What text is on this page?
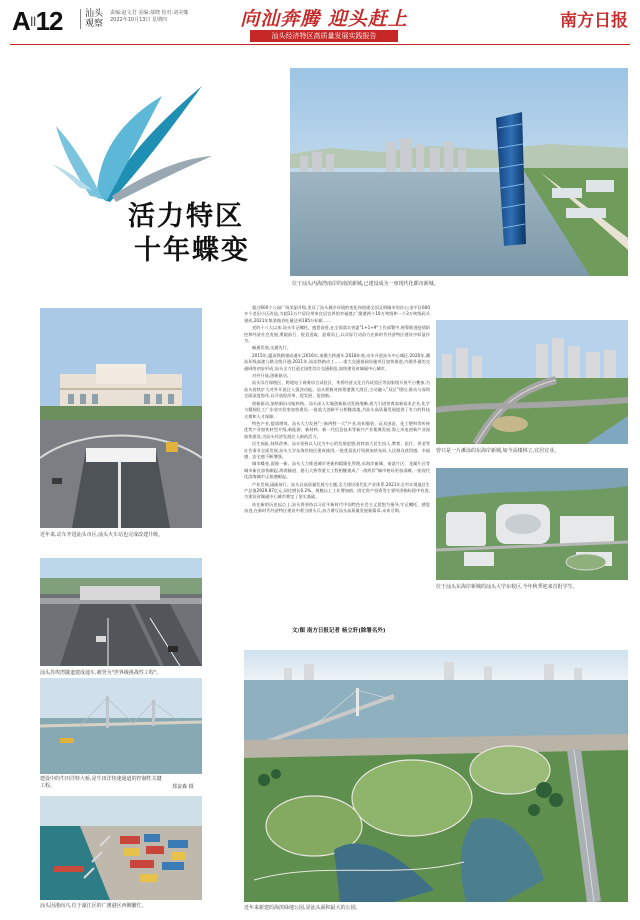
AII12	汕头
观察
责编:赵文君 美编:郁晓 校对:刘美娜
2022年10月13日 星期四	向汕奔腾 迎头赶上
汕头经济特区高质量发展实践报告
南方日报
活力特区
十年蝶变
位于汕头内海湾南岸的南滨新城,已建设成为一座现代化都市新城。
近年来,动车开进汕头市区,汕头火车站也完成改建升级。
汕头苏埃湾隧道建成通车,被誉为"世界级挑战性工程"。
建设中的牛田洋特大桥,是牛田洋快速通道的控制性关键工程。	郑奋森 摄
汕头因港而兴,位于濠江区的广澳港区西侧繁忙。

超过600个公园广场美丽升级,见证了汕头城乡环境的变化和创建全国文明城市的决心;金平区600多个老旧小区改造,为超11万户居民带来宜居宜养的幸福感;广澳港两个10万吨级和一个3万吨级码头建成,2021年集装箱吞吐量达到185万标箱……

党的十八大以来,汕头牢记嘱托、感恩奋进,在全面落实省委"1+1+9"工作部署中,统筹推进疫情防控和经济社会发展,勇毅前行、锐意进取、迎难而上,以实际行动奋力在新时代经济特区建设中彰显作为。

畅通发展,交通先行。

2015年,厦深铁路建成通车;2016年,南澳大桥通车;2018年底,动车开进汕头中心城区;2020年,潮汕环线高速公路全线开通;2021年,汕汕铁路动工……重大交通基础设施项目加快推进,内联外通的交通网络初步形成,汕头全力打造全国性综合交通枢纽,加快建设省域副中心城市。

对外开放,创新驱动。

汕头综合保税区、跨境电子商务综合试验区、华侨经济文化合作试验区等国家级开放平台叠加,为汕头持续扩大对外开放注入强劲动能。汕头积极对接粤港澳大湾区,主动融入"双区"建设,推动与深圳全面深度协作,以开放促改革、促发展、促创新。

创新驱动,加快新旧动能转换。汕头深入实施创新驱动发展战略,着力引进培育高新技术企业,化学与精细化工广东省实验室加快建设,一批重大创新平台相继落地,为汕头高质量发展提供了有力的科技支撑和人才保障。

特色产业,提质增效。汕头大力发展"三新两特一大"产业,纺织服装、玩具创意、化工塑料等传统优势产业加快转型升级,新能源、新材料、新一代信息技术等新兴产业集聚发展,海上风电创新产业园加快建设,为汕头经济发展注入新的活力。

民生福祉,持续改善。汕头坚持以人民为中心的发展思想,持续加大民生投入,教育、医疗、养老等社会事业全面发展,汕头大学东海岸校区建成使用,一批优质医疗资源加快布局,人民群众获得感、幸福感、安全感不断增强。

城市蝶变,面貌一新。汕头大力推进城市更新和精细化管理,东海岸新城、南滨片区、龙湖片区等城市新区加快崛起,海湾隧道、礐石大桥等重大工程相继建成,"一湾两岸"城市格局更加清晰,一座现代化滨海城市正加速崛起。

产业发展,砥砺前行。汕头以高质量发展为主题,全力建设现代化产业体系,2021年全市实现地区生产总值2929.87亿元,同比增长6.2%。规模以上工业增加值、固定资产投资等主要经济指标稳中有进,为建设省域副中心城市奠定了坚实基础。

站在新的历史起点上,汕头将坚持以习近平新时代中国特色社会主义思想为指导,牢记嘱托、感恩奋进,在新时代经济特区建设中勇当排头兵,奋力谱写汕头高质量发展新篇章,未来可期。

文/图 南方日报记者 杨立轩(除署名外)
曾只是一片滩涂的东海岸新城,如今高楼林立,宜居宜业。
位于汕头东海岸新城的汕头大学东校区,今年秋季迎来首批学生。
近年来新建的海滨绿地公园,是汕头面积最大的公园。
